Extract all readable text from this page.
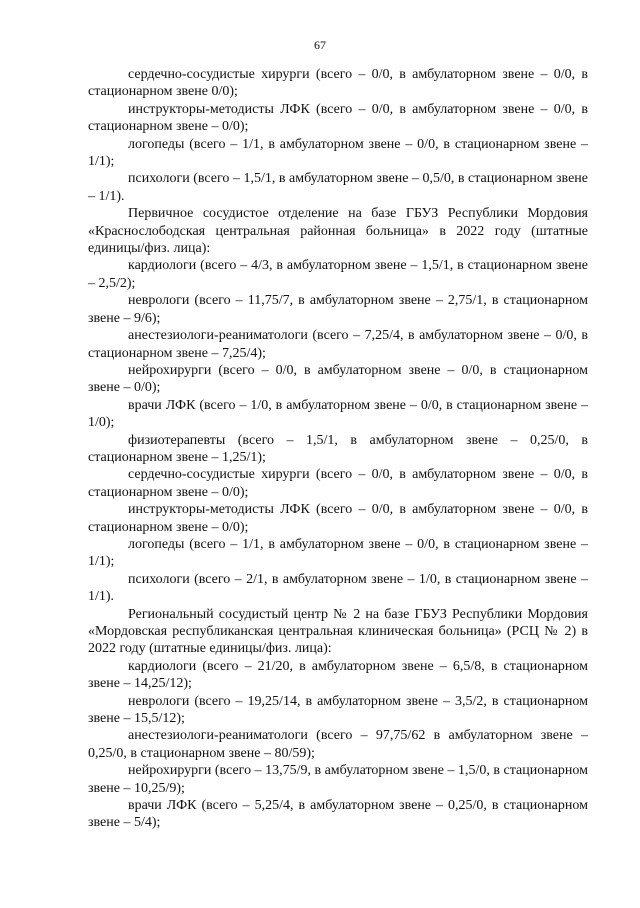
67

сердечно-сосудистые хирурги (всего – 0/0, в амбулаторном звене – 0/0, в стационарном звене 0/0);

инструкторы-методисты ЛФК (всего – 0/0, в амбулаторном звене – 0/0, в стационарном звене – 0/0);

логопеды (всего – 1/1, в амбулаторном звене – 0/0, в стационарном звене – 1/1);

психологи (всего – 1,5/1, в амбулаторном звене – 0,5/0, в стационарном звене – 1/1).

Первичное сосудистое отделение на базе ГБУЗ Республики Мордовия «Краснослободская центральная районная больница» в 2022 году (штатные единицы/физ. лица):

кардиологи (всего – 4/3, в амбулаторном звене – 1,5/1, в стационарном звене – 2,5/2);

неврологи (всего – 11,75/7, в амбулаторном звене – 2,75/1, в стационарном звене – 9/6);

анестезиологи-реаниматологи (всего – 7,25/4, в амбулаторном звене – 0/0, в стационарном звене – 7,25/4);

нейрохирурги (всего – 0/0, в амбулаторном звене – 0/0, в стационарном звене – 0/0);

врачи ЛФК (всего – 1/0, в амбулаторном звене – 0/0, в стационарном звене – 1/0);

физиотерапевты (всего – 1,5/1, в амбулаторном звене – 0,25/0, в стационарном звене – 1,25/1);

сердечно-сосудистые хирурги (всего – 0/0, в амбулаторном звене – 0/0, в стационарном звене – 0/0);

инструкторы-методисты ЛФК (всего – 0/0, в амбулаторном звене – 0/0, в стационарном звене – 0/0);

логопеды (всего – 1/1, в амбулаторном звене – 0/0, в стационарном звене – 1/1);

психологи (всего – 2/1, в амбулаторном звене – 1/0, в стационарном звене – 1/1).

Региональный сосудистый центр № 2 на базе ГБУЗ Республики Мордовия «Мордовская республиканская центральная клиническая больница» (РСЦ № 2) в 2022 году (штатные единицы/физ. лица):

кардиологи (всего – 21/20, в амбулаторном звене – 6,5/8, в стационарном звене – 14,25/12);

неврологи (всего – 19,25/14, в амбулаторном звене – 3,5/2, в стационарном звене – 15,5/12);

анестезиологи-реаниматологи (всего – 97,75/62 в амбулаторном звене – 0,25/0, в стационарном звене – 80/59);

нейрохирурги (всего – 13,75/9, в амбулаторном звене – 1,5/0, в стационарном звене – 10,25/9);

врачи ЛФК (всего – 5,25/4, в амбулаторном звене – 0,25/0, в стационарном звене – 5/4);
